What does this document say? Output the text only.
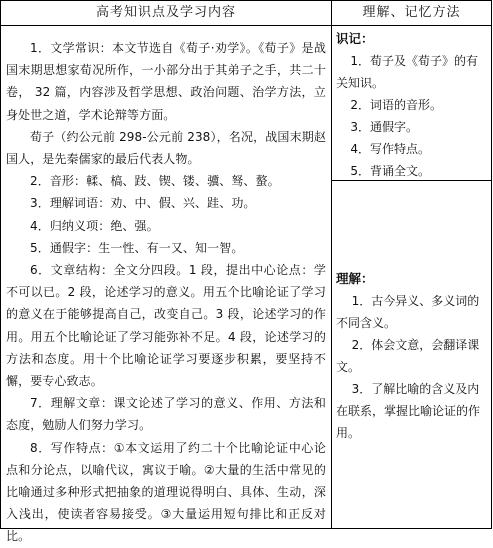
高考知识点及学习内容	理解、记忆方法

1．文学常识：本文节选自《荀子·劝学》。《荀子》是战国末期思想家荀况所作，一小部分出于其弟子之手，共二十卷， 32 篇，内容涉及哲学思想、政治问题、治学方法，立身处世之道，学术论辩等方面。

荀子（约公元前 298-公元前 238），名况，战国末期赵国人，是先秦儒家的最后代表人物。

2．音形：輮、槁、跂、锲、镂、骥、驽、螯。

3．理解词语：劝、中、假、兴、跬、功。

4．归纳义项：绝、强。

5．通假字：生一性、有一又、知一智。

6．文章结构：全文分四段。1 段，提出中心论点：学不可以已。2 段，论述学习的意义。用五个比喻论证了学习的意义在于能够提高自己，改变自己。3 段，论述学习的作用。用五个比喻论证了学习能弥补不足。4 段，论述学习的方法和态度。用十个比喻论证学习要逐步积累，要坚持不懈，要专心致志。

7．理解文章：课文论述了学习的意义、作用、方法和态度，勉励人们努力学习。

8．写作特点：①本文运用了约二十个比喻论证中心论点和分论点，以喻代议，寓议于喻。②大量的生活中常见的比喻通过多种形式把抽象的道理说得明白、具体、生动，深入浅出，使读者容易接受。③大量运用短句排比和正反对比。

识记：

1．荀子及《荀子》的有关知识。

2．词语的音形。

3．通假字。

4．写作特点。

5．背诵全文。

理解：

1．古今异义、多义词的不同含义。

2．体会文意，会翻译课文。

3．了解比喻的含义及内在联系，掌握比喻论证的作用。
